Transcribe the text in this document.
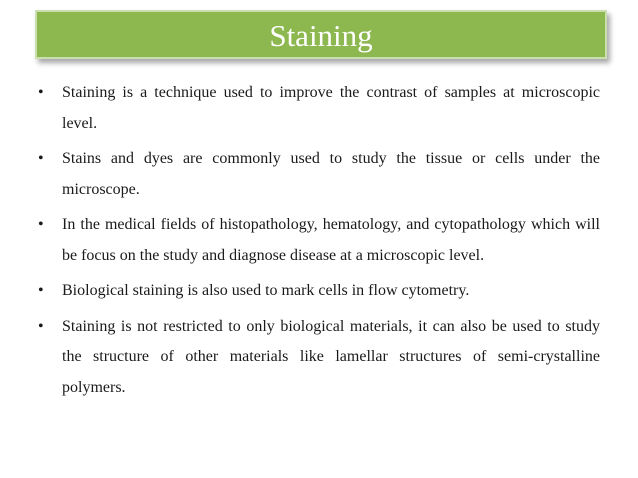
Staining
• Staining is a technique used to improve the contrast of samples at microscopic level.
• Stains and dyes are commonly used to study the tissue or cells under the microscope.
• In the medical fields of histopathology, hematology, and cytopathology which will be focus on the study and diagnose disease at a microscopic level.
• Biological staining is also used to mark cells in flow cytometry.
• Staining is not restricted to only biological materials, it can also be used to study the structure of other materials like lamellar structures of semi-crystalline polymers.
